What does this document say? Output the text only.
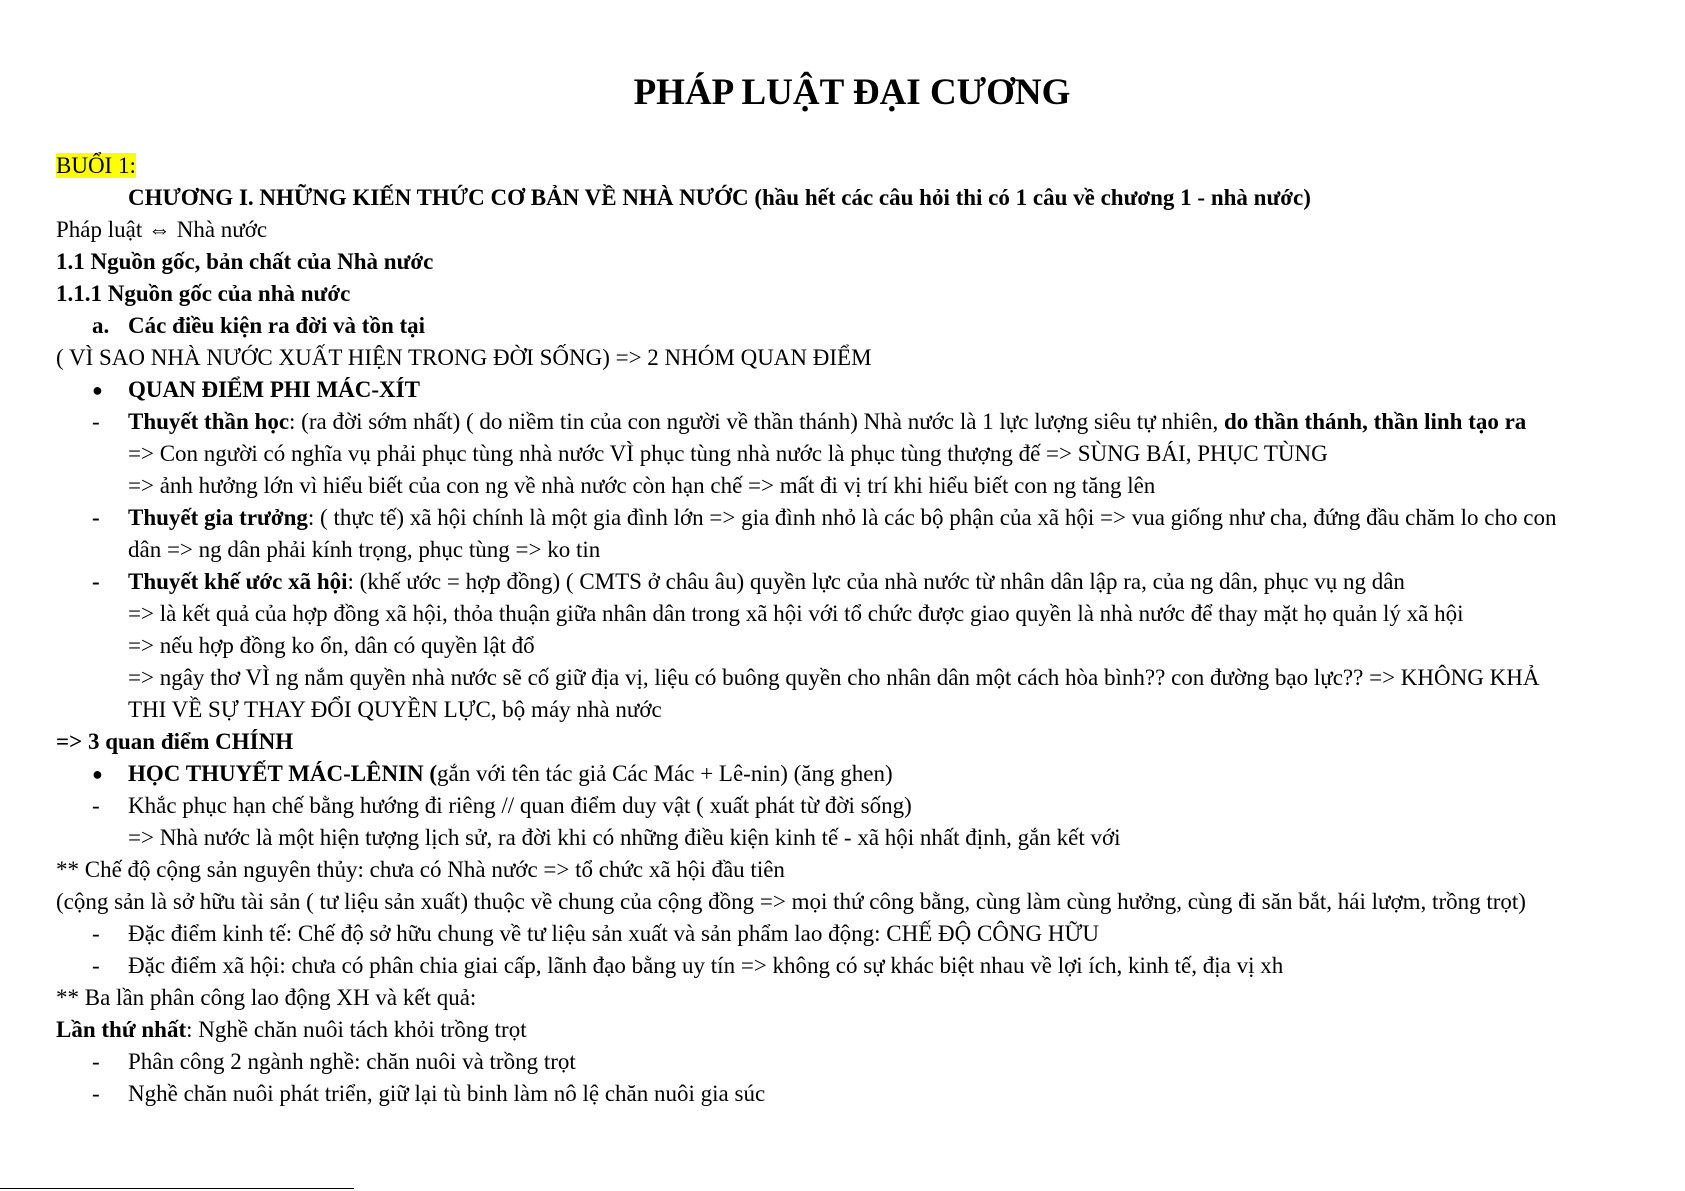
PHÁP LUẬT ĐẠI CƯƠNG
BUỔI 1:
CHƯƠNG I. NHỮNG KIẾN THỨC CƠ BẢN VỀ NHÀ NƯỚC (hầu hết các câu hỏi thi có 1 câu về chương 1 - nhà nước)
Pháp luật ⇔ Nhà nước
1.1 Nguồn gốc, bản chất của Nhà nước
1.1.1 Nguồn gốc của nhà nước
a. Các điều kiện ra đời và tồn tại
( VÌ SAO NHÀ NƯỚC XUẤT HIỆN TRONG ĐỜI SỐNG) => 2 NHÓM QUAN ĐIỂM
●	QUAN ĐIỂM PHI MÁC-XÍT
-	Thuyết thần học: (ra đời sớm nhất) ( do niềm tin của con người về thần thánh) Nhà nước là 1 lực lượng siêu tự nhiên, do thần thánh, thần linh tạo ra
=> Con người có nghĩa vụ phải phục tùng nhà nước VÌ phục tùng nhà nước là phục tùng thượng đế => SÙNG BÁI, PHỤC TÙNG
=> ảnh hưởng lớn vì hiểu biết của con ng về nhà nước còn hạn chế => mất đi vị trí khi hiểu biết con ng tăng lên
-	Thuyết gia trưởng: ( thực tế) xã hội chính là một gia đình lớn => gia đình nhỏ là các bộ phận của xã hội => vua giống như cha, đứng đầu chăm lo cho con
dân => ng dân phải kính trọng, phục tùng => ko tin
-	Thuyết khế ước xã hội: (khế ước = hợp đồng) ( CMTS ở châu âu) quyền lực của nhà nước từ nhân dân lập ra, của ng dân, phục vụ ng dân
=> là kết quả của hợp đồng xã hội, thỏa thuận giữa nhân dân trong xã hội với tổ chức được giao quyền là nhà nước để thay mặt họ quản lý xã hội
=> nếu hợp đồng ko ổn, dân có quyền lật đổ
=> ngây thơ VÌ ng nắm quyền nhà nước sẽ cố giữ địa vị, liệu có buông quyền cho nhân dân một cách hòa bình?? con đường bạo lực?? => KHÔNG KHẢ
THI VỀ SỰ THAY ĐỔI QUYỀN LỰC, bộ máy nhà nước
=> 3 quan điểm CHÍNH
●	HỌC THUYẾT MÁC-LÊNIN (gắn với tên tác giả Các Mác + Lê-nin) (ăng ghen)
-	Khắc phục hạn chế bằng hướng đi riêng // quan điểm duy vật ( xuất phát từ đời sống)
=> Nhà nước là một hiện tượng lịch sử, ra đời khi có những điều kiện kinh tế - xã hội nhất định, gắn kết với
** Chế độ cộng sản nguyên thủy: chưa có Nhà nước => tổ chức xã hội đầu tiên
(cộng sản là sở hữu tài sản ( tư liệu sản xuất) thuộc về chung của cộng đồng => mọi thứ công bằng, cùng làm cùng hưởng, cùng đi săn bắt, hái lượm, trồng trọt)
-	Đặc điểm kinh tế: Chế độ sở hữu chung về tư liệu sản xuất và sản phẩm lao động: CHẾ ĐỘ CÔNG HỮU
-	Đặc điểm xã hội: chưa có phân chia giai cấp, lãnh đạo bằng uy tín => không có sự khác biệt nhau về lợi ích, kinh tế, địa vị xh
** Ba lần phân công lao động XH và kết quả:
Lần thứ nhất: Nghề chăn nuôi tách khỏi trồng trọt
-	Phân công 2 ngành nghề: chăn nuôi và trồng trọt
-	Nghề chăn nuôi phát triển, giữ lại tù binh làm nô lệ chăn nuôi gia súc
